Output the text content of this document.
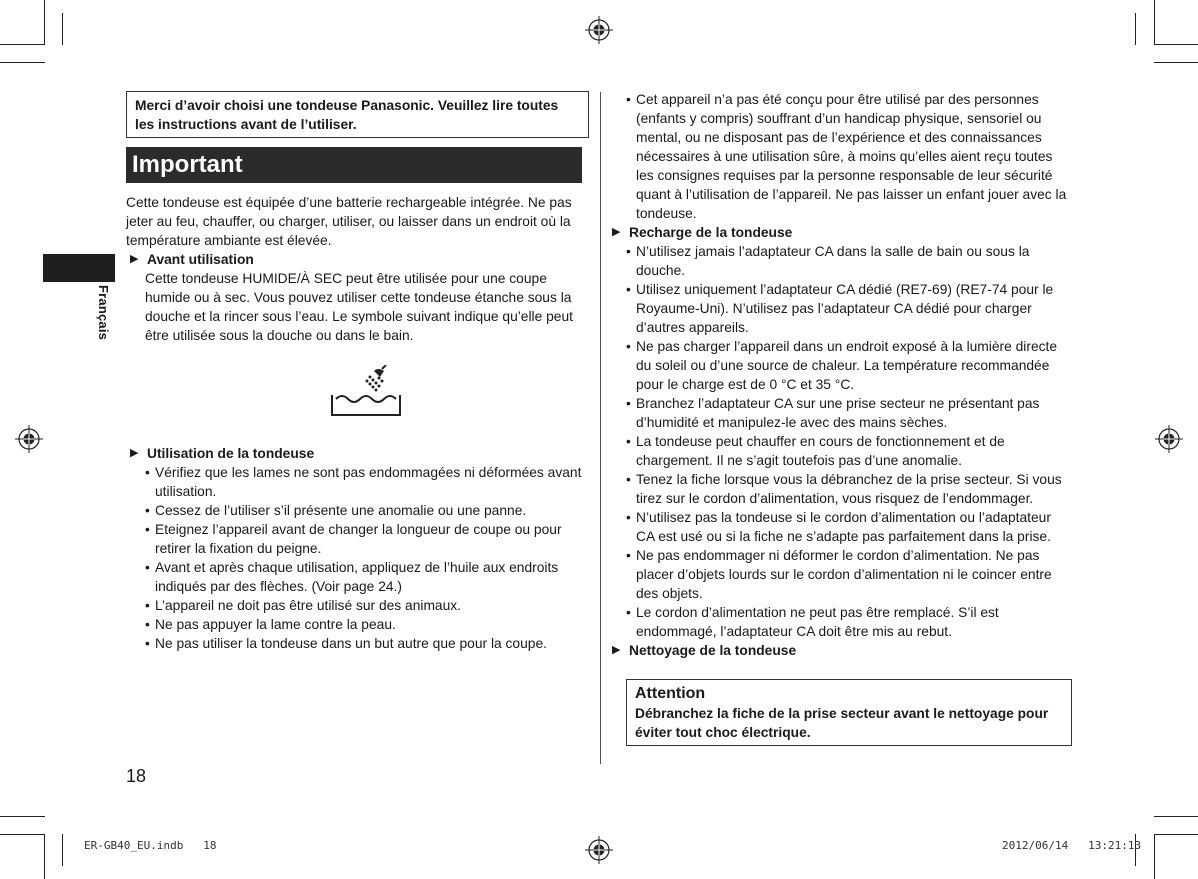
Français
Merci d’avoir choisi une tondeuse Panasonic. Veuillez lire toutes les instructions avant de l’utiliser.
Important

Cette tondeuse est équipée d’une batterie rechargeable intégrée. Ne pas jeter au feu, chauffer, ou charger, utiliser, ou laisser dans un endroit où la température ambiante est élevée.

▶ Avant utilisation

Cette tondeuse HUMIDE/À SEC peut être utilisée pour une coupe humide ou à sec. Vous pouvez utiliser cette tondeuse étanche sous la douche et la rincer sous l’eau. Le symbole suivant indique qu’elle peut être utilisée sous la douche ou dans le bain.

▶ Utilisation de la tondeuse
• Vérifiez que les lames ne sont pas endommagées ni déformées avant utilisation.
• Cessez de l’utiliser s’il présente une anomalie ou une panne.
• Eteignez l’appareil avant de changer la longueur de coupe ou pour retirer la fixation du peigne.
• Avant et après chaque utilisation, appliquez de l’huile aux endroits indiqués par des flèches. (Voir page 24.)
• L’appareil ne doit pas être utilisé sur des animaux.
• Ne pas appuyer la lame contre la peau.
• Ne pas utiliser la tondeuse dans un but autre que pour la coupe.
• Cet appareil n’a pas été conçu pour être utilisé par des personnes (enfants y compris) souffrant d’un handicap physique, sensoriel ou mental, ou ne disposant pas de l’expérience et des connaissances nécessaires à une utilisation sûre, à moins qu’elles aient reçu toutes les consignes requises par la personne responsable de leur sécurité quant à l’utilisation de l’appareil. Ne pas laisser un enfant jouer avec la tondeuse.
▶ Recharge de la tondeuse
• N’utilisez jamais l’adaptateur CA dans la salle de bain ou sous la douche.
• Utilisez uniquement l’adaptateur CA dédié (RE7-69) (RE7-74 pour le Royaume-Uni). N’utilisez pas l’adaptateur CA dédié pour charger d’autres appareils.
• Ne pas charger l’appareil dans un endroit exposé à la lumière directe du soleil ou d’une source de chaleur. La température recommandée pour le charge est de 0 °C et 35 °C.
• Branchez l’adaptateur CA sur une prise secteur ne présentant pas d’humidité et manipulez-le avec des mains sèches.
• La tondeuse peut chauffer en cours de fonctionnement et de chargement. Il ne s’agit toutefois pas d’une anomalie.
• Tenez la fiche lorsque vous la débranchez de la prise secteur. Si vous tirez sur le cordon d’alimentation, vous risquez de l’endommager.
• N’utilisez pas la tondeuse si le cordon d’alimentation ou l’adaptateur CA est usé ou si la fiche ne s’adapte pas parfaitement dans la prise.
• Ne pas endommager ni déformer le cordon d’alimentation. Ne pas placer d’objets lourds sur le cordon d’alimentation ni le coincer entre des objets.
• Le cordon d’alimentation ne peut pas être remplacé. S’il est endommagé, l’adaptateur CA doit être mis au rebut.
▶ Nettoyage de la tondeuse
Attention
Débranchez la fiche de la prise secteur avant le nettoyage pour éviter tout choc électrique.
18
ER-GB40_EU.indb   18	2012/06/14   13:21:13
